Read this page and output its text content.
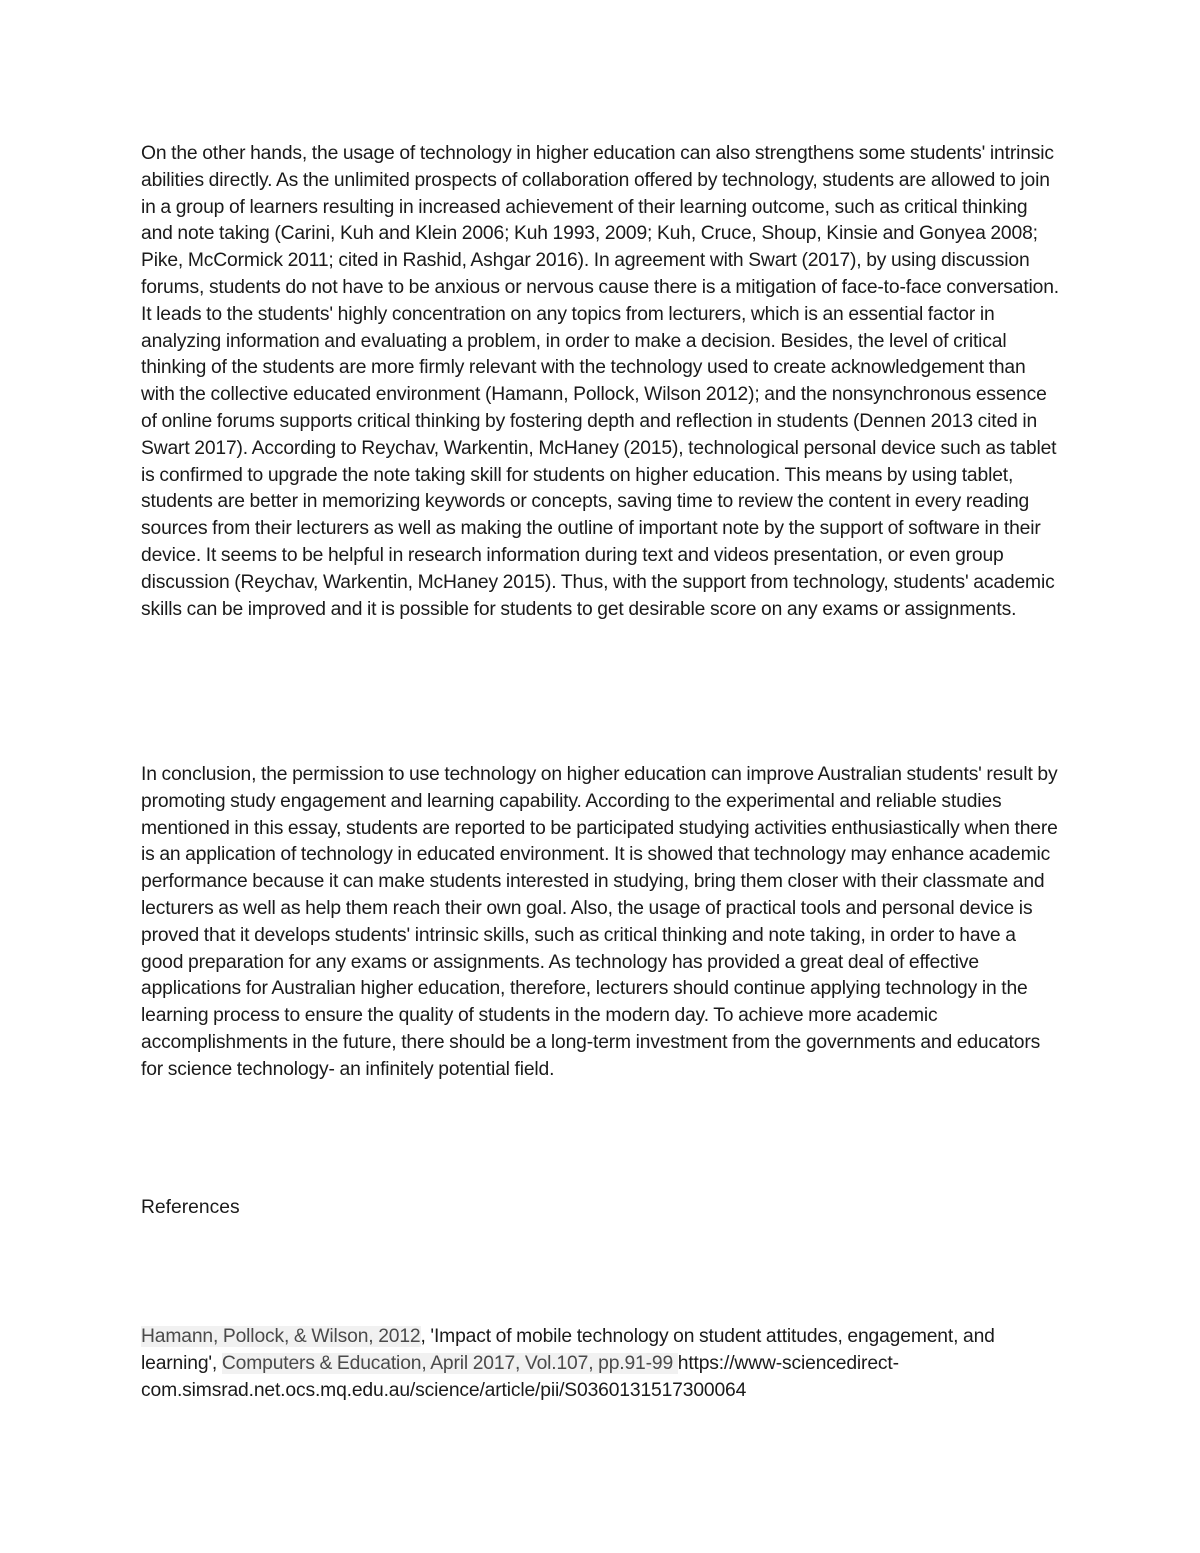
On the other hands, the usage of technology in higher education can also strengthens some students' intrinsic abilities directly. As the unlimited prospects of collaboration offered by technology, students are allowed to join in a group of learners resulting in increased achievement of their learning outcome, such as critical thinking and note taking (Carini, Kuh and Klein 2006; Kuh 1993, 2009; Kuh, Cruce, Shoup, Kinsie and Gonyea 2008; Pike, McCormick 2011; cited in Rashid, Ashgar 2016). In agreement with Swart (2017), by using discussion forums, students do not have to be anxious or nervous cause there is a mitigation of face-to-face conversation. It leads to the students' highly concentration on any topics from lecturers, which is an essential factor in analyzing information and evaluating a problem, in order to make a decision. Besides, the level of critical thinking of the students are more firmly relevant with the technology used to create acknowledgement than with the collective educated environment (Hamann, Pollock, Wilson 2012); and the nonsynchronous essence of online forums supports critical thinking by fostering depth and reflection in students (Dennen 2013 cited in Swart 2017). According to Reychav, Warkentin, McHaney (2015), technological personal device such as tablet is confirmed to upgrade the note taking skill for students on higher education. This means by using tablet, students are better in memorizing keywords or concepts, saving time to review the content in every reading sources from their lecturers as well as making the outline of important note by the support of software in their device. It seems to be helpful in research information during text and videos presentation, or even group discussion (Reychav, Warkentin, McHaney 2015). Thus, with the support from technology, students' academic skills can be improved and it is possible for students to get desirable score on any exams or assignments.

In conclusion, the permission to use technology on higher education can improve Australian students' result by promoting study engagement and learning capability. According to the experimental and reliable studies mentioned in this essay, students are reported to be participated studying activities enthusiastically when there is an application of technology in educated environment. It is showed that technology may enhance academic performance because it can make students interested in studying, bring them closer with their classmate and lecturers as well as help them reach their own goal. Also, the usage of practical tools and personal device is proved that it develops students' intrinsic skills, such as critical thinking and note taking, in order to have a good preparation for any exams or assignments. As technology has provided a great deal of effective applications for Australian higher education, therefore, lecturers should continue applying technology in the learning process to ensure the quality of students in the modern day. To achieve more academic accomplishments in the future, there should be a long-term investment from the governments and educators for science technology- an infinitely potential field.

References

Hamann, Pollock, & Wilson, 2012, 'Impact of mobile technology on student attitudes, engagement, and learning', Computers & Education, April 2017, Vol.107, pp.91-99 https://www-sciencedirect-com.simsrad.net.ocs.mq.edu.au/science/article/pii/S0360131517300064
